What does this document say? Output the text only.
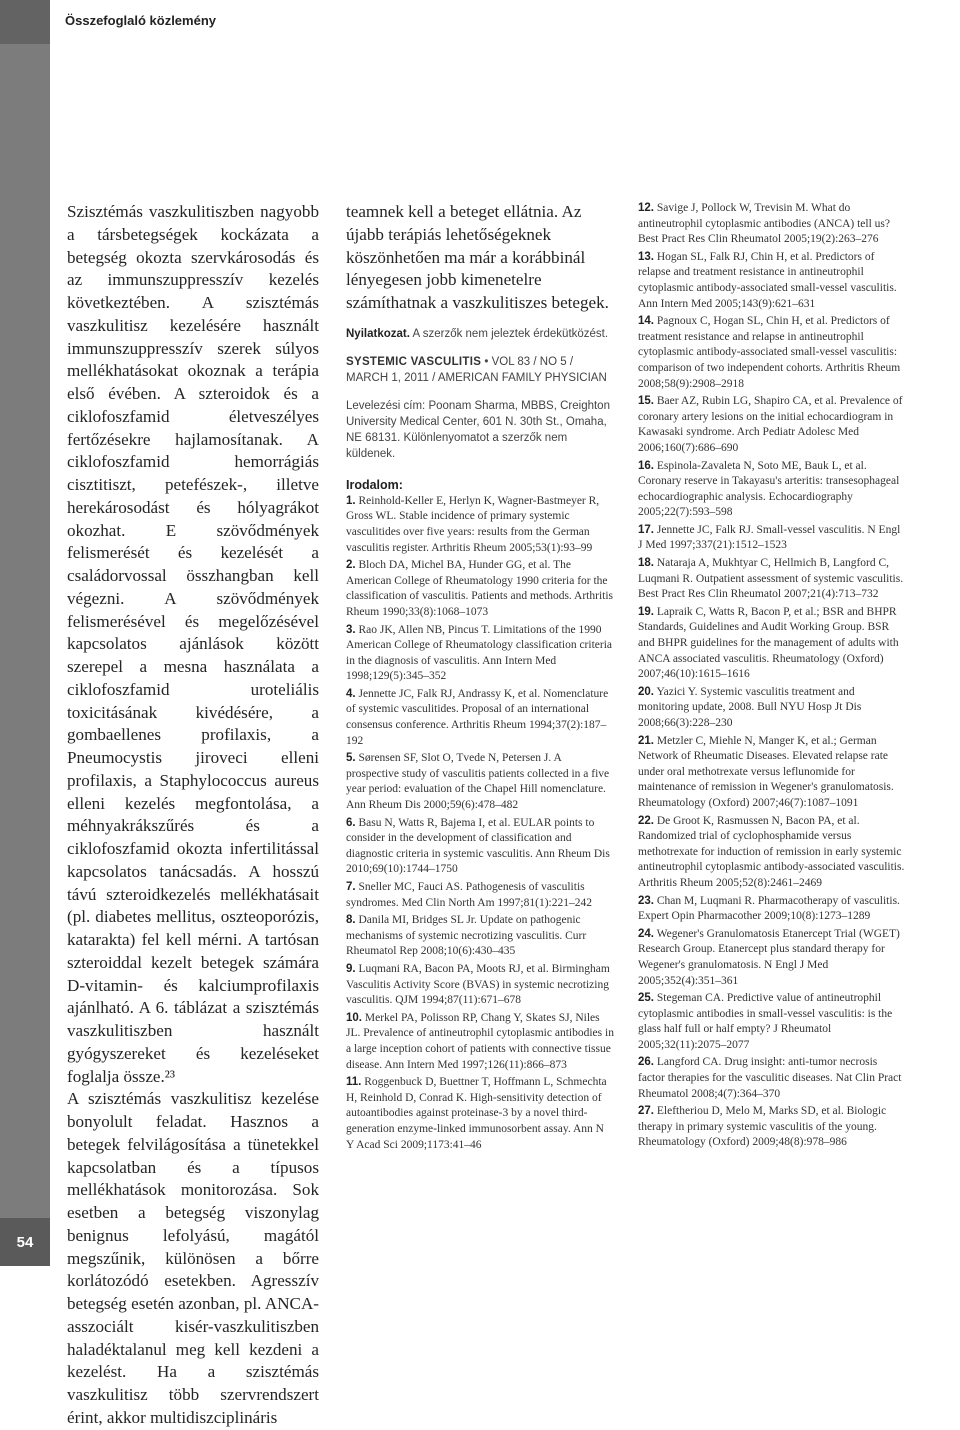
54
Összefoglaló közlemény

Szisztémás vaszkulitiszben nagyobb a társbetegségek kockázata a betegség okozta szervkárosodás és az immunszuppresszív kezelés következtében. A szisztémás vaszkulitisz kezelésére használt immunszuppresszív szerek súlyos mellékhatásokat okoznak a terápia első évében. A szteroidok és a ciklofoszfamid életveszélyes fertőzésekre hajlamosítanak. A ciklofoszfamid hemorrágiás cisztitiszt, petefészek-, illetve herekárosodást és hólyagrákot okozhat. E szövődmények felismerését és kezelését a családorvossal összhangban kell végezni. A szövődmények felismerésével és megelőzésével kapcsolatos ajánlások között szerepel a mesna használata a ciklofoszfamid uroteliális toxicitásának kivédésére, a gombaellenes profilaxis, a Pneumocystis jiroveci elleni profilaxis, a Staphylococcus aureus elleni kezelés megfontolása, a méhnyakrákszűrés és a ciklofoszfamid okozta infertilitással kapcsolatos tanácsadás. A hosszú távú szteroidkezelés mellékhatásait (pl. diabetes mellitus, oszteoporózis, katarakta) fel kell mérni. A tartósan szteroiddal kezelt betegek számára D-vitamin- és kalciumprofilaxis ajánlható. A 6. táblázat a szisztémás vaszkulitiszben használt gyógyszereket és kezeléseket foglalja össze.²³

A szisztémás vaszkulitisz kezelése bonyolult feladat. Hasznos a betegek felvilágosítása a tünetekkel kapcsolatban és a típusos mellékhatások monitorozása. Sok esetben a betegség viszonylag benignus lefolyású, magától megszűnik, különösen a bőrre korlátozódó esetekben. Agresszív betegség esetén azonban, pl. ANCA-asszociált kisér-vaszkulitiszben haladéktalanul meg kell kezdeni a kezelést. Ha a szisztémás vaszkulitisz több szervrendszert érint, akkor multidiszciplináris

teamnek kell a beteget ellátnia. Az újabb terápiás lehetőségeknek köszönhetően ma már a korábbinál lényegesen jobb kimenetelre számíthatnak a vaszkulitiszes betegek.

Nyilatkozat. A szerzők nem jeleztek érdekütközést.

SYSTEMIC VASCULITIS • VOL 83 / NO 5 / MARCH 1, 2011 / AMERICAN FAMILY PHYSICIAN

Levelezési cím: Poonam Sharma, MBBS, Creighton University Medical Center, 601 N. 30th St., Omaha, NE 68131. Különlenyomatot a szerzők nem küldenek.

Irodalom:

1. Reinhold-Keller E, Herlyn K, Wagner-Bastmeyer R, Gross WL. Stable incidence of primary systemic vasculitides over five years: results from the German vasculitis register. Arthritis Rheum 2005;53(1):93–99

2. Bloch DA, Michel BA, Hunder GG, et al. The American College of Rheumatology 1990 criteria for the classification of vasculitis. Patients and methods. Arthritis Rheum 1990;33(8):1068–1073

3. Rao JK, Allen NB, Pincus T. Limitations of the 1990 American College of Rheumatology classification criteria in the diagnosis of vasculitis. Ann Intern Med 1998;129(5):345–352

4. Jennette JC, Falk RJ, Andrassy K, et al. Nomenclature of systemic vasculitides. Proposal of an international consensus conference. Arthritis Rheum 1994;37(2):187–192

5. Sørensen SF, Slot O, Tvede N, Petersen J. A prospective study of vasculitis patients collected in a five year period: evaluation of the Chapel Hill nomenclature. Ann Rheum Dis 2000;59(6):478–482

6. Basu N, Watts R, Bajema I, et al. EULAR points to consider in the development of classification and diagnostic criteria in systemic vasculitis. Ann Rheum Dis 2010;69(10):1744–1750

7. Sneller MC, Fauci AS. Pathogenesis of vasculitis syndromes. Med Clin North Am 1997;81(1):221–242

8. Danila MI, Bridges SL Jr. Update on pathogenic mechanisms of systemic necrotizing vasculitis. Curr Rheumatol Rep 2008;10(6):430–435

9. Luqmani RA, Bacon PA, Moots RJ, et al. Birmingham Vasculitis Activity Score (BVAS) in systemic necrotizing vasculitis. QJM 1994;87(11):671–678

10. Merkel PA, Polisson RP, Chang Y, Skates SJ, Niles JL. Prevalence of antineutrophil cytoplasmic antibodies in a large inception cohort of patients with connective tissue disease. Ann Intern Med 1997;126(11):866–873

11. Roggenbuck D, Buettner T, Hoffmann L, Schmechta H, Reinhold D, Conrad K. High-sensitivity detection of autoantibodies against proteinase-3 by a novel third-generation enzyme-linked immunosorbent assay. Ann N Y Acad Sci 2009;1173:41–46

12. Savige J, Pollock W, Trevisin M. What do antineutrophil cytoplasmic antibodies (ANCA) tell us? Best Pract Res Clin Rheumatol 2005;19(2):263–276

13. Hogan SL, Falk RJ, Chin H, et al. Predictors of relapse and treatment resistance in antineutrophil cytoplasmic antibody-associated small-vessel vasculitis. Ann Intern Med 2005;143(9):621–631

14. Pagnoux C, Hogan SL, Chin H, et al. Predictors of treatment resistance and relapse in antineutrophil cytoplasmic antibody-associated small-vessel vasculitis: comparison of two independent cohorts. Arthritis Rheum 2008;58(9):2908–2918

15. Baer AZ, Rubin LG, Shapiro CA, et al. Prevalence of coronary artery lesions on the initial echocardiogram in Kawasaki syndrome. Arch Pediatr Adolesc Med 2006;160(7):686–690

16. Espinola-Zavaleta N, Soto ME, Bauk L, et al. Coronary reserve in Takayasu's arteritis: transesophageal echocardiographic analysis. Echocardiography 2005;22(7):593–598

17. Jennette JC, Falk RJ. Small-vessel vasculitis. N Engl J Med 1997;337(21):1512–1523

18. Nataraja A, Mukhtyar C, Hellmich B, Langford C, Luqmani R. Outpatient assessment of systemic vasculitis. Best Pract Res Clin Rheumatol 2007;21(4):713–732

19. Lapraik C, Watts R, Bacon P, et al.; BSR and BHPR Standards, Guidelines and Audit Working Group. BSR and BHPR guidelines for the management of adults with ANCA associated vasculitis. Rheumatology (Oxford) 2007;46(10):1615–1616

20. Yazici Y. Systemic vasculitis treatment and monitoring update, 2008. Bull NYU Hosp Jt Dis 2008;66(3):228–230

21. Metzler C, Miehle N, Manger K, et al.; German Network of Rheumatic Diseases. Elevated relapse rate under oral methotrexate versus leflunomide for maintenance of remission in Wegener's granulomatosis. Rheumatology (Oxford) 2007;46(7):1087–1091

22. De Groot K, Rasmussen N, Bacon PA, et al. Randomized trial of cyclophosphamide versus methotrexate for induction of remission in early systemic antineutrophil cytoplasmic antibody-associated vasculitis. Arthritis Rheum 2005;52(8):2461–2469

23. Chan M, Luqmani R. Pharmacotherapy of vasculitis. Expert Opin Pharmacother 2009;10(8):1273–1289

24. Wegener's Granulomatosis Etanercept Trial (WGET) Research Group. Etanercept plus standard therapy for Wegener's granulomatosis. N Engl J Med 2005;352(4):351–361

25. Stegeman CA. Predictive value of antineutrophil cytoplasmic antibodies in small-vessel vasculitis: is the glass half full or half empty? J Rheumatol 2005;32(11):2075–2077

26. Langford CA. Drug insight: anti-tumor necrosis factor therapies for the vasculitic diseases. Nat Clin Pract Rheumatol 2008;4(7):364–370

27. Eleftheriou D, Melo M, Marks SD, et al. Biologic therapy in primary systemic vasculitis of the young. Rheumatology (Oxford) 2009;48(8):978–986
